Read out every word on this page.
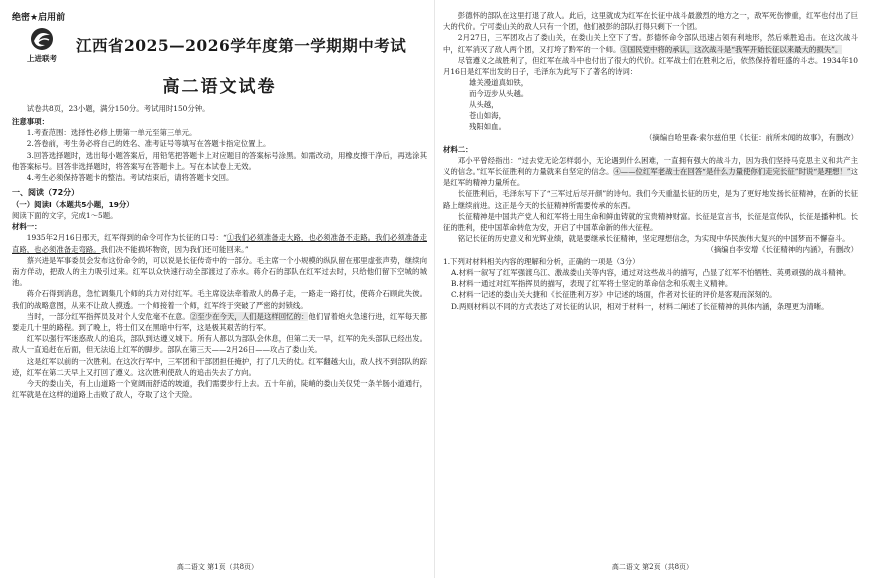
绝密★启用前

上进联考
江西省2025—2026学年度第一学期期中考试
高二语文试卷

试卷共8页，23小题，满分150分。考试用时150分钟。

注意事项：

1.考查范围：选择性必修上册第一单元至第三单元。

2.答卷前，考生务必将自己的姓名、准考证号等填写在答题卡指定位置上。

3.回答选择题时，选出每小题答案后，用铅笔把答题卡上对应题目的答案标号涂黑。如需改动，用橡皮擦干净后，再选涂其他答案标号。回答非选择题时，将答案写在答题卡上。写在本试卷上无效。

4.考生必须保持答题卡的整洁。考试结束后，请将答题卡交回。

一、阅读（72分）

（一）阅读Ⅰ（本题共5小题，19分）

阅读下面的文字，完成1～5题。

材料一：

1935年2月16日那天，红军得到的命令可作为长征的口号：“①我们必须准备走大路，也必须准备不走路。我们必须准备走直路，也必须准备走弯路。我们决不能损坏物资，因为我们还可能回来。”

蔡兴进是军事委员会发布这份命令的，可以说是长征传奇中的一部分。毛主席一个小规模的纵队留在那里虚张声势，继续向南方佯动，把敌人的主力吸引过来。红军以众快速行动全部渡过了赤水。蒋介石的部队在红军过去时，只给他们留下空城的城池。

蒋介石得到消息，急忙调集几个师的兵力对付红军。毛主席设法牵着敌人的鼻子走，一路走一路打仗，使蒋介石顾此失彼。我们的战略意图，从来不让敌人摸透。一个师接着一个师，红军终于突破了严密的封锁线。

当时，一部分红军指挥员及对个人安危毫不在意。②至少在今天，人们是这样回忆的：他们冒着炮火急速行进，红军每天都要走几十里的路程。到了晚上，将士们又在黑暗中行军，这是极其艰苦的行军。

红军以强行军迷惑敌人的追兵，部队到达遵义城下。所有人都以为部队会休息，但第二天一早，红军的先头部队已经出发。敌人一直追赶在后面，但无法追上红军的脚步。部队在第三天——2月26日——攻占了娄山关。

这是红军以前的一次胜利。在这次行军中，三军团和干部团担任掩护，打了几天的仗。红军翻越大山，敌人找不到部队的踪迹，红军在第二天早上又打回了遵义。这次胜利使敌人的追击失去了方向。

今天的娄山关，有上山道路一个宽阔而舒适的坡道，我们需要步行上去。五十年前，陡峭的娄山关仅凭一条羊肠小道通行，红军就是在这样的道路上击败了敌人，夺取了这个天险。

高二语文 第1页（共8页）

彭德怀的部队在这里打退了敌人。此后，这里就成为红军在长征中战斗最激烈的地方之一，敌军死伤惨重，红军也付出了巨大的代价。宁可娄山关的敌人只有一个团，他们被彭的部队打得只剩下一个团。

2月27日，三军团攻占了娄山关，在娄山关上空下了雪。彭德怀命令部队迅速占领有利地形，然后乘胜追击。在这次战斗中，红军消灭了敌人两个团，又打垮了黔军的一个师。③国民党中将的承认，这次战斗是“我军开始长征以来最大的损失”。

尽管遵义之战胜利了，但红军在战斗中也付出了很大的代价。红军战士们在胜利之后，依然保持着旺盛的斗志。1934年10月16日是红军出发的日子，毛泽东为此写下了著名的诗词：

雄关漫道真如铁，

而今迈步从头越。

从头越，

苍山如海，

残阳如血。

（摘编自哈里森·索尔兹伯里《长征：前所未闻的故事》，有删改）

材料二：

邓小平曾经指出：“过去党无论怎样弱小，无论遇到什么困难，一直拥有强大的战斗力，因为我们坚持马克思主义和共产主义的信念。”红军长征胜利的力量就来自坚定的信念。④——位红军老战士在回答“是什么力量使你们走完长征”时说“是理想！”这是红军的精神力量所在。

长征胜利后，毛泽东写下了“三军过后尽开颜”的诗句。我们今天重温长征的历史，是为了更好地发扬长征精神，在新的长征路上继续前进。这正是今天的长征精神所需要传承的东西。

长征精神是中国共产党人和红军将士用生命和鲜血铸就的宝贵精神财富。长征是宣言书，长征是宣传队，长征是播种机。长征的胜利，使中国革命转危为安，开启了中国革命新的伟大征程。

铭记长征的历史意义和光辉业绩，就是要继承长征精神，坚定理想信念，为实现中华民族伟大复兴的中国梦而不懈奋斗。

（摘编自李安增《长征精神的内涵》，有删改）

1.下列对材料相关内容的理解和分析，正确的一项是（3分）

A.材料一叙写了红军强渡乌江、激战娄山关等内容，通过对这些战斗的描写，凸显了红军不怕牺牲、英勇顽强的战斗精神。

B.材料一通过对红军指挥员的描写，表现了红军将士坚定的革命信念和乐观主义精神。

C.材料一记述的娄山关大捷和《长征胜利万岁》中记述的场面，作者对长征的评价是客观而深刻的。

D.两则材料以不同的方式表达了对长征的认识，相对于材料一，材料二阐述了长征精神的具体内涵，条理更为清晰。

高二语文 第2页（共8页）
